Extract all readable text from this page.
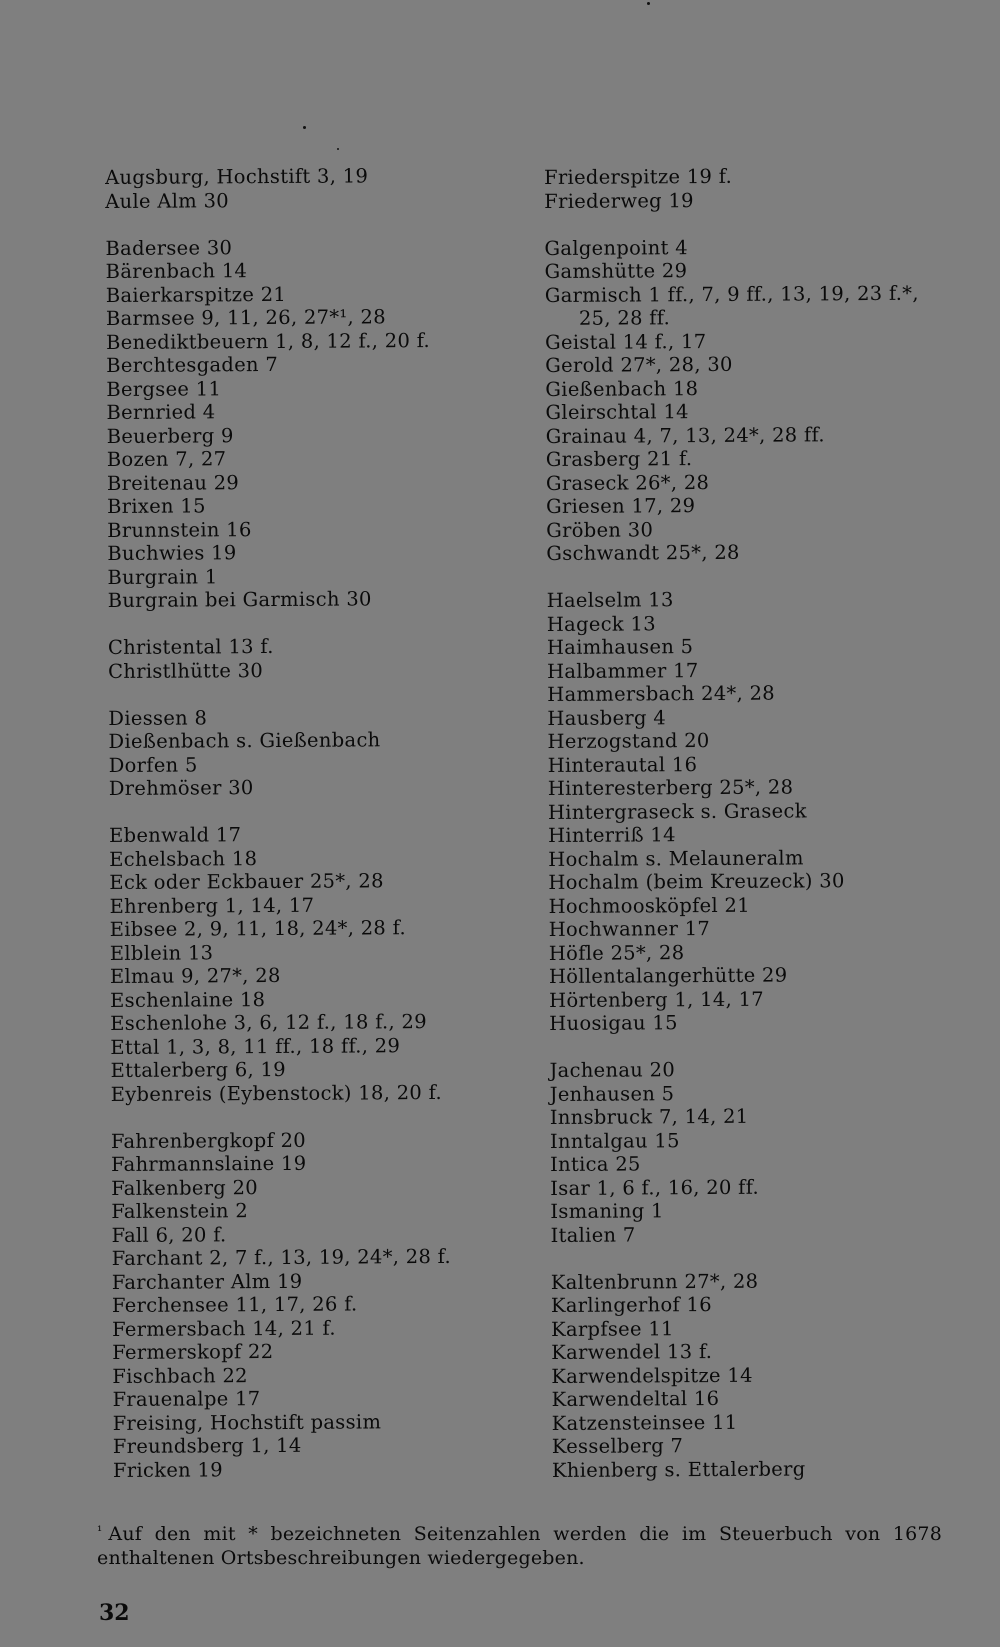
Augsburg, Hochstift 3, 19
Aule Alm 30
Badersee 30
Bärenbach 14
Baierkarspitze 21
Barmsee 9, 11, 26, 27*¹, 28
Benediktbeuern 1, 8, 12 f., 20 f.
Berchtesgaden 7
Bergsee 11
Bernried 4
Beuerberg 9
Bozen 7, 27
Breitenau 29
Brixen 15
Brunnstein 16
Buchwies 19
Burgrain 1
Burgrain bei Garmisch 30
Christental 13 f.
Christlhütte 30
Diessen 8
Dießenbach s. Gießenbach
Dorfen 5
Drehmöser 30
Ebenwald 17
Echelsbach 18
Eck oder Eckbauer 25*, 28
Ehrenberg 1, 14, 17
Eibsee 2, 9, 11, 18, 24*, 28 f.
Elblein 13
Elmau 9, 27*, 28
Eschenlaine 18
Eschenlohe 3, 6, 12 f., 18 f., 29
Ettal 1, 3, 8, 11 ff., 18 ff., 29
Ettalerberg 6, 19
Eybenreis (Eybenstock) 18, 20 f.
Fahrenbergkopf 20
Fahrmannslaine 19
Falkenberg 20
Falkenstein 2
Fall 6, 20 f.
Farchant 2, 7 f., 13, 19, 24*, 28 f.
Farchanter Alm 19
Ferchensee 11, 17, 26 f.
Fermersbach 14, 21 f.
Fermerskopf 22
Fischbach 22
Frauenalpe 17
Freising, Hochstift passim
Freundsberg 1, 14
Fricken 19
Friederspitze 19 f.
Friederweg 19
Galgenpoint 4
Gamshütte 29
Garmisch 1 ff., 7, 9 ff., 13, 19, 23 f.*,
25, 28 ff.
Geistal 14 f., 17
Gerold 27*, 28, 30
Gießenbach 18
Gleirschtal 14
Grainau 4, 7, 13, 24*, 28 ff.
Grasberg 21 f.
Graseck 26*, 28
Griesen 17, 29
Gröben 30
Gschwandt 25*, 28
Haelselm 13
Hageck 13
Haimhausen 5
Halbammer 17
Hammersbach 24*, 28
Hausberg 4
Herzogstand 20
Hinterautal 16
Hinteresterberg 25*, 28
Hintergraseck s. Graseck
Hinterriß 14
Hochalm s. Melauneralm
Hochalm (beim Kreuzeck) 30
Hochmoosköpfel 21
Hochwanner 17
Höfle 25*, 28
Höllentalangerhütte 29
Hörtenberg 1, 14, 17
Huosigau 15
Jachenau 20
Jenhausen 5
Innsbruck 7, 14, 21
Inntalgau 15
Intica 25
Isar 1, 6 f., 16, 20 ff.
Ismaning 1
Italien 7
Kaltenbrunn 27*, 28
Karlingerhof 16
Karpfsee 11
Karwendel 13 f.
Karwendelspitze 14
Karwendeltal 16
Katzensteinsee 11
Kesselberg 7
Khienberg s. Ettalerberg
$^{^1}$ Auf den mit * bezeichneten Seitenzahlen werden die im Steuerbuch von 1678 enthaltenen Ortsbeschreibungen wiedergegeben.
32
